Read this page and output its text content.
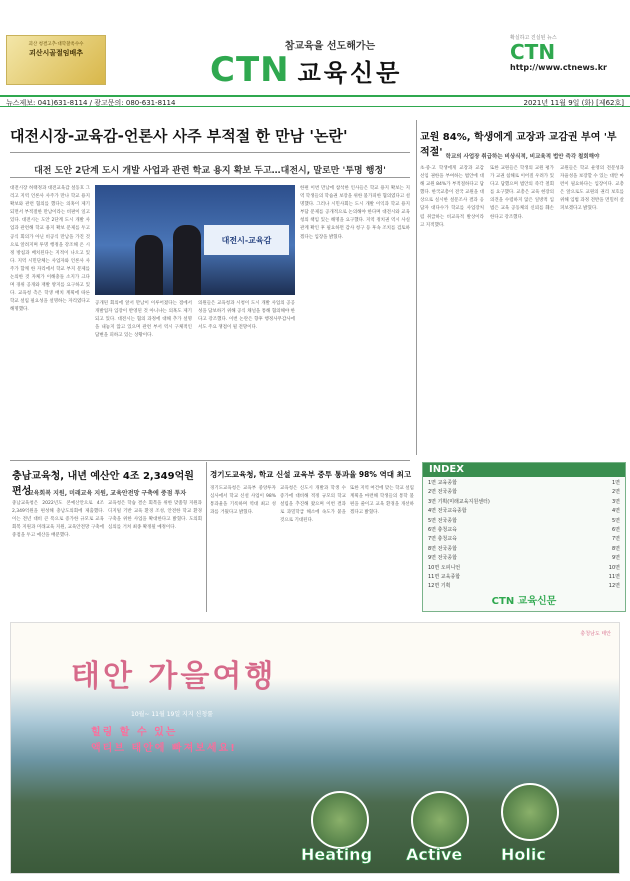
괴산 청결고추·대학찰옥수수
괴산시골절임배추
참교육을 선도해가는
CTN 교육신문
확실하고 진실된 뉴스
CTN
http://www.ctnews.kr
뉴스제보: 041)631-8114 / 광고문의: 080-631-8114	2021년 11월 9일 (화) [제62호]
대전시장-교육감-언론사 사주 부적절 한 만남 '논란'
대전 도안 2단계 도시 개발 사업과 관련 학교 용지 확보 두고…대전시, 말로만 '투명 행정'
대전시장 허태정과 대전교육감 설동호 그리고 지역 언론사 사주가 만나 학교 용지 확보와 관련 협의를 했다는 의혹이 제기되면서 부적절한 만남이라는 비판이 일고 있다. 대전시는 도안 2단계 도시 개발 사업과 관련해 학교 용지 확보 문제를 두고 공식 회의가 아닌 비공식 만남을 가진 것으로 알려지며 투명 행정을 강조해 온 시정 방침과 배치된다는 지적이 나오고 있다. 지역 시민단체는 사업자와 언론사 사주가 함께 한 자리에서 학교 부지 문제를 논의한 것 자체가 이해충돌 소지가 크다며 경위 공개와 재발 방지를 요구하고 있다. 교육청 측은 학생 배치 계획에 따른 학교 설립 필요성을 설명하는 자리였다고 해명했다.
대전시-교육감
공개된 회의에 앞서 만남이 이루어졌다는 점에서 개발업자 입장이 반영된 것 아니냐는 의혹도 제기되고 있다. 대전시는 협의 과정에 대해 추가 설명을 내놓지 않고 있으며 관련 부서 역시 구체적인 답변을 피하고 있는 상황이다.
의원들은 교육청과 시청이 도시 개발 사업의 공공성을 담보하기 위해 공식 채널을 통해 협의해야 한다고 강조했다. 이번 논란은 향후 행정사무감사에서도 주요 쟁점이 될 전망이다.
한편 이번 만남에 참석한 인사들은 학교 용지 확보는 지역 학생들의 학습권 보장을 위한 불가피한 협의였다고 설명했다. 그러나 시민사회는 도시 개발 이익과 학교 용지 부담 문제를 공개적으로 논의해야 한다며 대전시와 교육청의 책임 있는 해명을 요구했다. 지역 정치권 역시 사실관계 확인 후 필요하면 감사 청구 등 후속 조치를 검토하겠다는 입장을 밝혔다.
교원 84%, 학생에게 교장과 교감권 부여 '부적절' 학교의 사업장 취급하는 비상식적, 비교육적 법안 즉각 철회해야
초·중·고 학생에게 교장과 교감 선임 권한을 부여하는 법안에 대해 교원 84%가 부적절하다고 답했다. 한국교총이 전국 교원을 대상으로 실시한 설문조사 결과 응답자 대다수가 학교를 사업장처럼 취급하는 비교육적 발상이라고 지적했다.
또한 교원들은 학생의 교원 평가가 교권 침해로 이어질 우려가 있다고 답했으며 법안의 즉각 철회를 요구했다. 교총은 교육 현장의 의견을 수렴하지 않은 일방적 입법은 교육 공동체의 신뢰를 훼손한다고 강조했다.
교원들은 학교 운영의 전문성과 자율성을 보장할 수 있는 대안 마련이 필요하다는 입장이다. 교총은 앞으로도 교원의 권리 보호를 위해 입법 과정 전반을 면밀히 살펴보겠다고 밝혔다.
충남교육청, 내년 예산안 4조 2,349억원 편성
교육회복 지원, 미래교육 지원, 교육안전망 구축에 중점 투자
충남교육청은 2022년도 본예산안으로 4조 2,349억원을 편성해 충남도의회에 제출했다. 이는 전년 대비 큰 폭으로 증가한 규모로 교육회복 지원과 미래교육 지원, 교육안전망 구축에 중점을 두고 예산을 배분했다.
교육청은 학습 결손 회복을 위한 맞춤형 지원과 디지털 기반 교육 환경 조성, 안전한 학교 환경 구축을 위한 사업을 확대한다고 밝혔다. 도의회 심의를 거쳐 최종 확정될 예정이다.
경기도교육청, 학교 신설 교육부 중투 통과율 98% 역대 최고
경기도교육청은 교육부 중앙투자심사에서 학교 신설 사업이 98% 통과율을 기록하며 역대 최고 성과를 거뒀다고 밝혔다.
교육청은 신도시 개발과 학생 수 증가에 대비해 적정 규모의 학교 설립을 추진해 왔으며 이번 결과로 과밀학급 해소에 속도가 붙을 것으로 기대된다.
또한 지역 여건에 맞는 학교 설립 계획을 마련해 학생들의 통학 불편을 줄이고 교육 환경을 개선하겠다고 밝혔다.
INDEX
1면 교육종합	1면
2면 전국종합	2면
3면 기획(미래교육지원센터)	3면
4면 전국교육종합	4면
5면 전국종합	5면
6면 충청교육	6면
7면 충청교육	7면
8면 전국종합	8면
9면 전국종합	9면
10면 오피니언	10면
11면 교육종합	11면
12면 기획	12면
CTN 교육신문
충청남도 태안
태안 가을여행
10월~ 11월 19일 지지 신청률
힐링 할 수 있는
액티브 태안에 빠져보세요!
Heating Active Holic
